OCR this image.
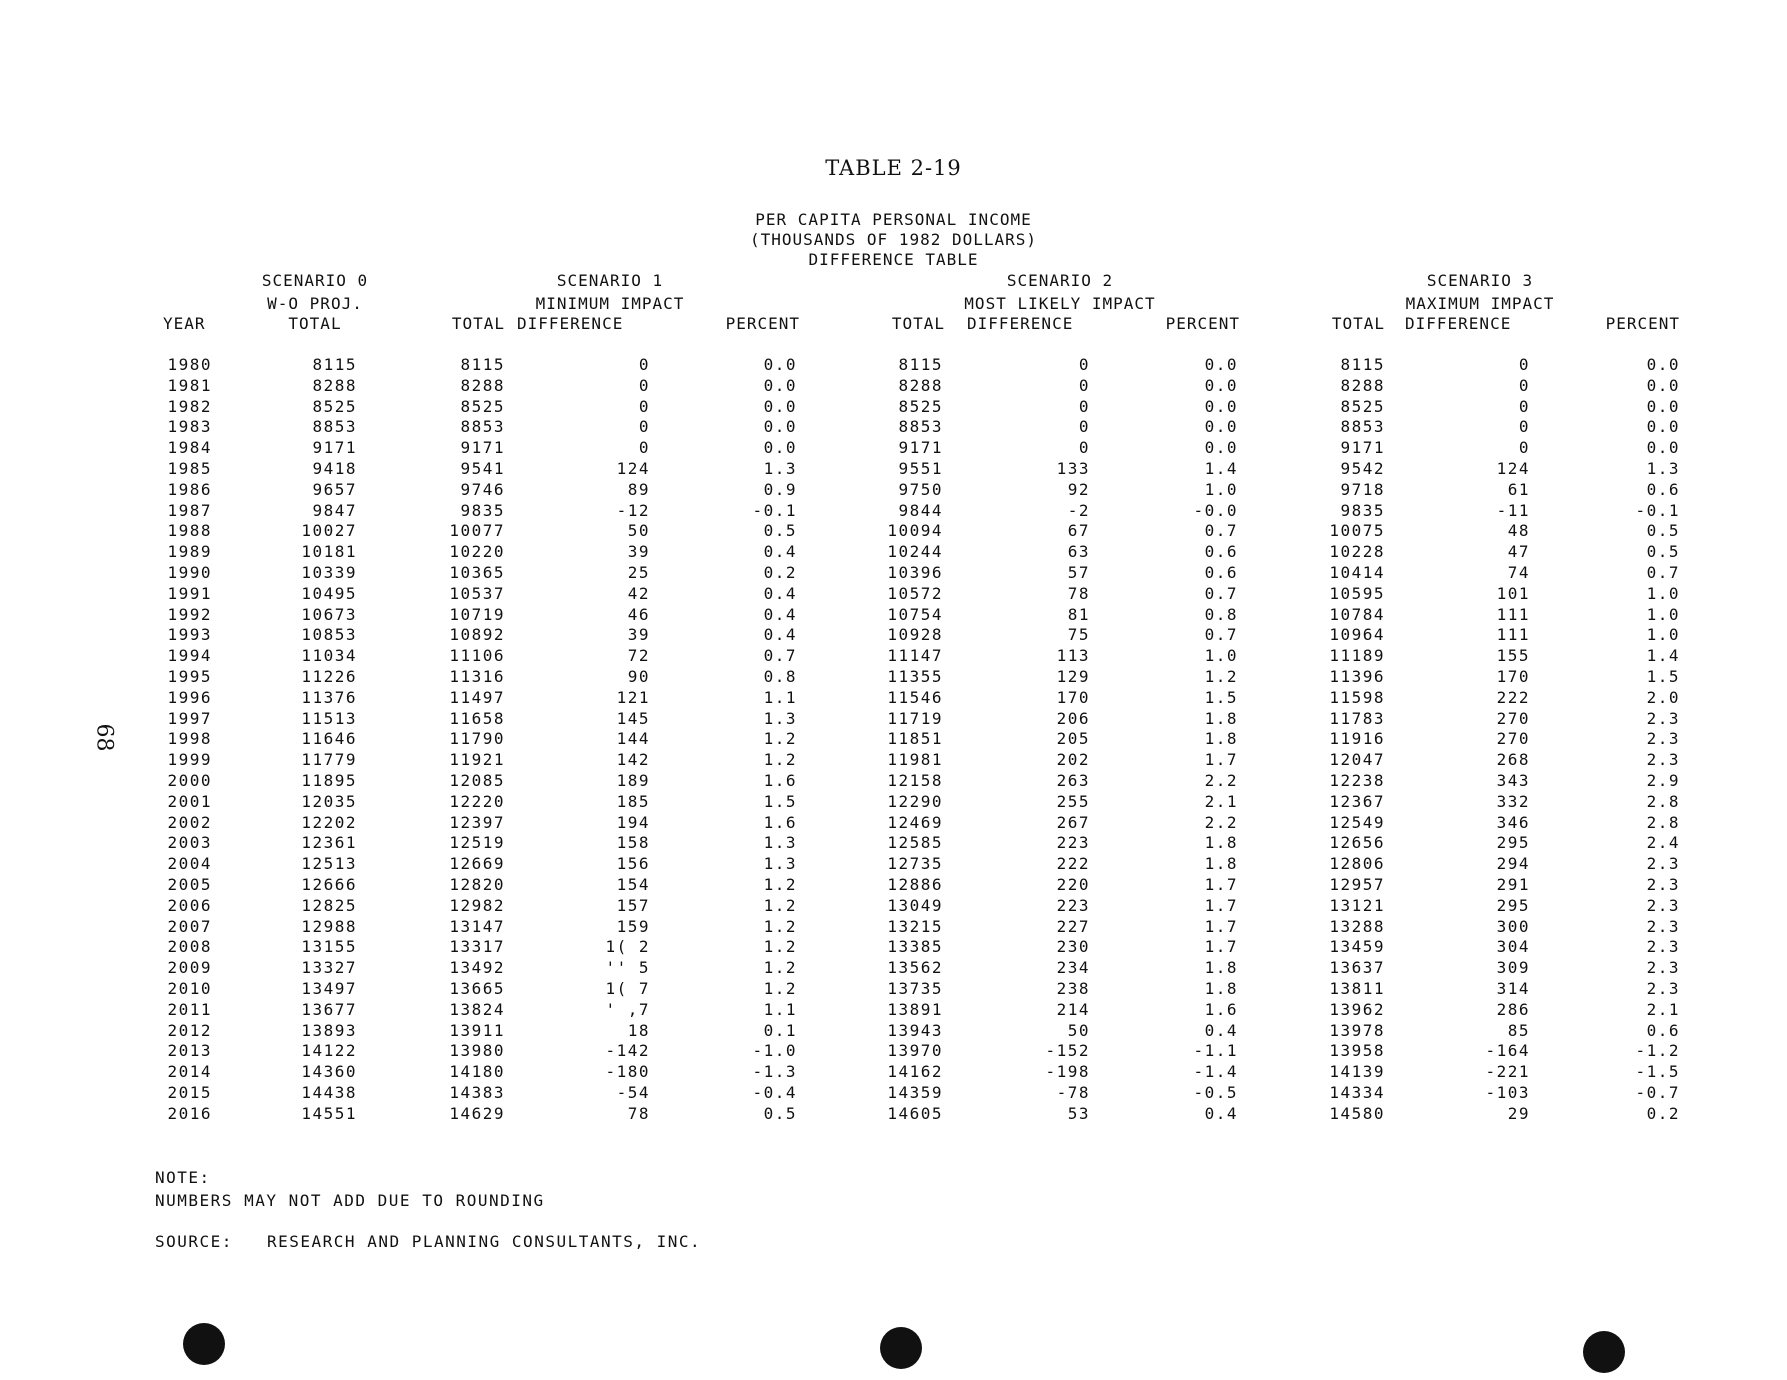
68
TABLE 2-19
PER CAPITA PERSONAL INCOME
(THOUSANDS OF 1982 DOLLARS)
DIFFERENCE TABLE
SCENARIO 0
W-O PROJ.
TOTAL
SCENARIO 1
MINIMUM IMPACT
SCENARIO 2
MOST LIKELY IMPACT
SCENARIO 3
MAXIMUM IMPACT
YEAR	TOTAL DIFFERENCE	PERCENT	TOTAL DIFFERENCE	PERCENT	TOTAL DIFFERENCE	PERCENT
1980	8115	8115	0	0.0	8115	0	0.0	8115	0	0.0
1981	8288	8288	0	0.0	8288	0	0.0	8288	0	0.0
1982	8525	8525	0	0.0	8525	0	0.0	8525	0	0.0
1983	8853	8853	0	0.0	8853	0	0.0	8853	0	0.0
1984	9171	9171	0	0.0	9171	0	0.0	9171	0	0.0
1985	9418	9541	124	1.3	9551	133	1.4	9542	124	1.3
1986	9657	9746	89	0.9	9750	92	1.0	9718	61	0.6
1987	9847	9835	-12	-0.1	9844	-2	-0.0	9835	-11	-0.1
1988	10027	10077	50	0.5	10094	67	0.7	10075	48	0.5
1989	10181	10220	39	0.4	10244	63	0.6	10228	47	0.5
1990	10339	10365	25	0.2	10396	57	0.6	10414	74	0.7
1991	10495	10537	42	0.4	10572	78	0.7	10595	101	1.0
1992	10673	10719	46	0.4	10754	81	0.8	10784	111	1.0
1993	10853	10892	39	0.4	10928	75	0.7	10964	111	1.0
1994	11034	11106	72	0.7	11147	113	1.0	11189	155	1.4
1995	11226	11316	90	0.8	11355	129	1.2	11396	170	1.5
1996	11376	11497	121	1.1	11546	170	1.5	11598	222	2.0
1997	11513	11658	145	1.3	11719	206	1.8	11783	270	2.3
1998	11646	11790	144	1.2	11851	205	1.8	11916	270	2.3
1999	11779	11921	142	1.2	11981	202	1.7	12047	268	2.3
2000	11895	12085	189	1.6	12158	263	2.2	12238	343	2.9
2001	12035	12220	185	1.5	12290	255	2.1	12367	332	2.8
2002	12202	12397	194	1.6	12469	267	2.2	12549	346	2.8
2003	12361	12519	158	1.3	12585	223	1.8	12656	295	2.4
2004	12513	12669	156	1.3	12735	222	1.8	12806	294	2.3
2005	12666	12820	154	1.2	12886	220	1.7	12957	291	2.3
2006	12825	12982	157	1.2	13049	223	1.7	13121	295	2.3
2007	12988	13147	159	1.2	13215	227	1.7	13288	300	2.3
2008	13155	13317	1( 2	1.2	13385	230	1.7	13459	304	2.3
2009	13327	13492	'' 5	1.2	13562	234	1.8	13637	309	2.3
2010	13497	13665	1( 7	1.2	13735	238	1.8	13811	314	2.3
2011	13677	13824	' ,7	1.1	13891	214	1.6	13962	286	2.1
2012	13893	13911	18	0.1	13943	50	0.4	13978	85	0.6
2013	14122	13980	-142	-1.0	13970	-152	-1.1	13958	-164	-1.2
2014	14360	14180	-180	-1.3	14162	-198	-1.4	14139	-221	-1.5
2015	14438	14383	-54	-0.4	14359	-78	-0.5	14334	-103	-0.7
2016	14551	14629	78	0.5	14605	53	0.4	14580	29	0.2
NOTE:
NUMBERS MAY NOT ADD DUE TO ROUNDING
SOURCE: RESEARCH AND PLANNING CONSULTANTS, INC.
